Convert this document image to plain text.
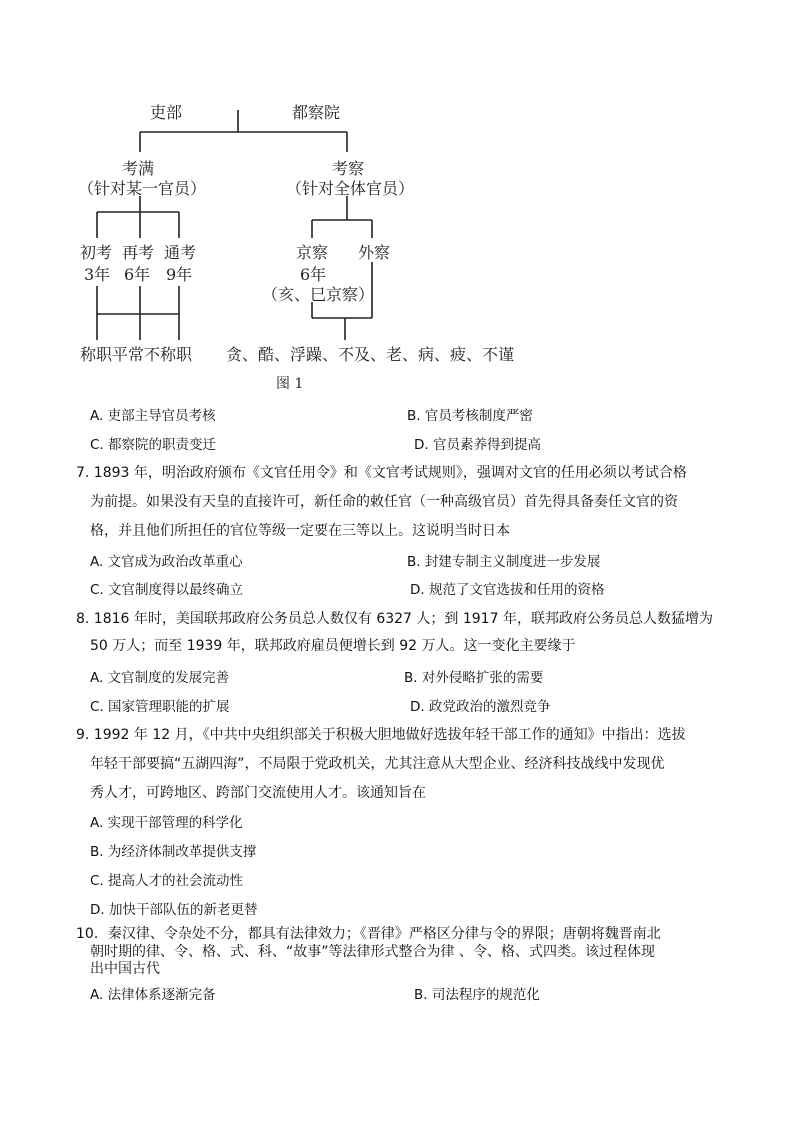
吏部	都察院
考满
（针对某一官员）
考察
（针对全体官员）
初考
3年
再考
6年
通考
9年
京察 外察
6年
（亥、巳京察）
称职平常不称职 贪、酷、浮躁、不及、老、病、疲、不谨
图 1
A. 吏部主导官员考核	B. 官员考核制度严密
C. 都察院的职责变迁	D. 官员素养得到提高
7. 1893 年，明治政府颁布《文官任用令》和《文官考试规则》，强调对文官的任用必须以考试合格
为前提。如果没有天皇的直接许可，新任命的敕任官（一种高级官员）首先得具备奏任文官的资
格，并且他们所担任的官位等级一定要在三等以上。这说明当时日本
A. 文官成为政治改革重心	B. 封建专制主义制度进一步发展
C. 文官制度得以最终确立	D. 规范了文官选拔和任用的资格
8. 1816 年时，美国联邦政府公务员总人数仅有 6327 人；到 1917 年，联邦政府公务员总人数猛增为
50 万人；而至 1939 年，联邦政府雇员便增长到 92 万人。这一变化主要缘于
A. 文官制度的发展完善	B. 对外侵略扩张的需要
C. 国家管理职能的扩展	D. 政党政治的激烈竞争
9. 1992 年 12 月，《中共中央组织部关于积极大胆地做好选拔年轻干部工作的通知》中指出：选拔
年轻干部要搞“五湖四海”，不局限于党政机关，尤其注意从大型企业、经济科技战线中发现优
秀人才，可跨地区、跨部门交流使用人才。该通知旨在
A. 实现干部管理的科学化
B. 为经济体制改革提供支撑
C. 提高人才的社会流动性
D. 加快干部队伍的新老更替
10．秦汉律、令杂处不分，都具有法律效力；《晋律》严格区分律与令的界限；唐朝将魏晋南北
朝时期的律、令、格、式、科、“故事”等法律形式整合为律 、令、格、式四类。该过程体现
出中国古代
A. 法律体系逐渐完备	B. 司法程序的规范化
